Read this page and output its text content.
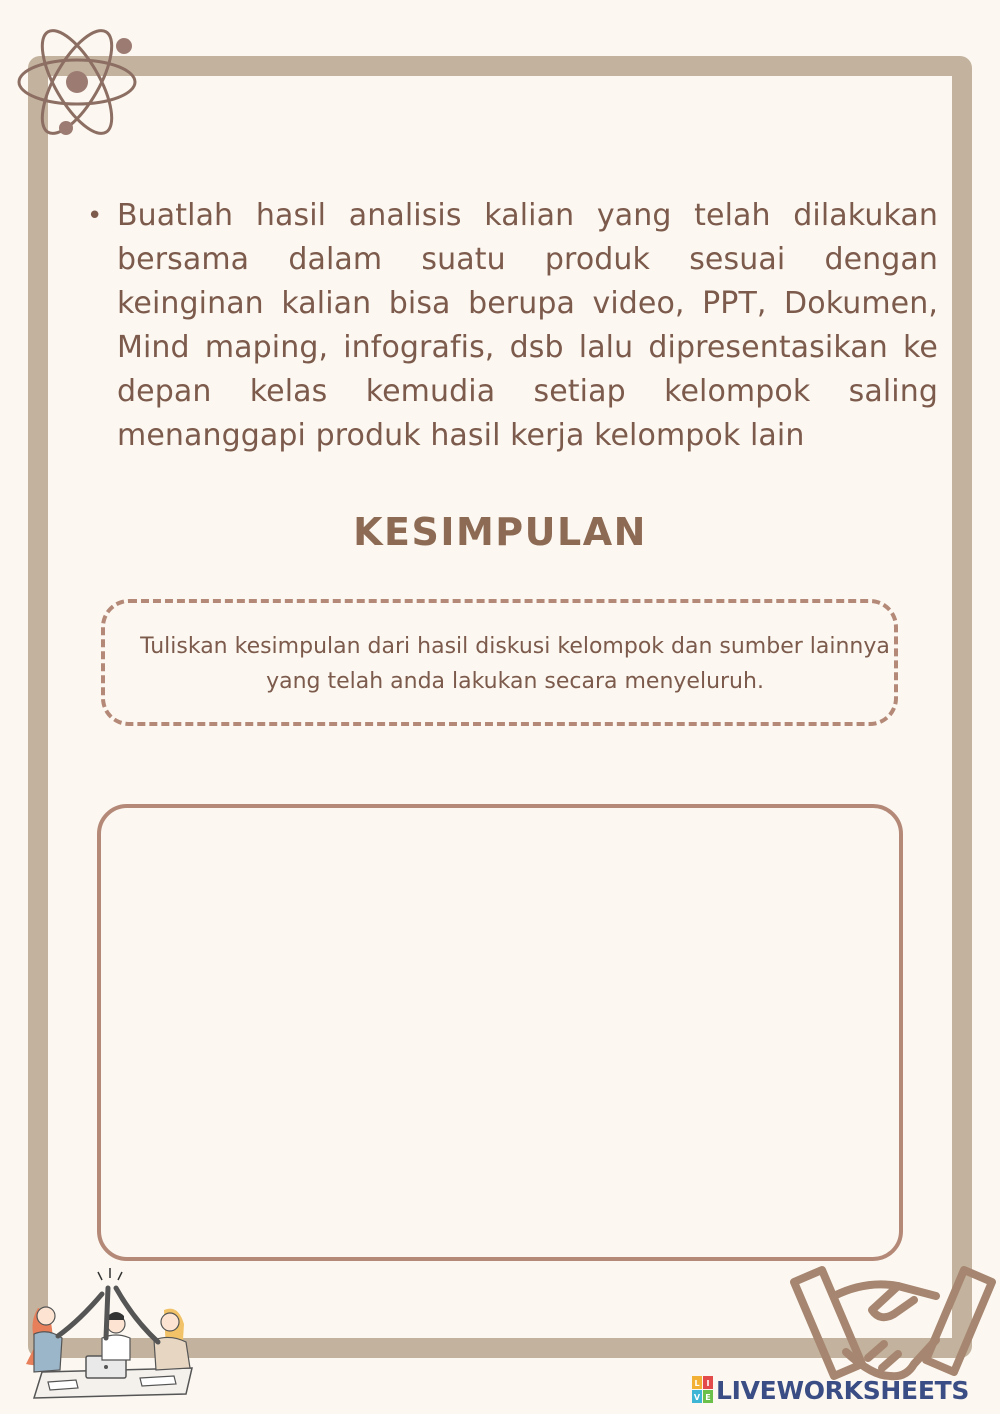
• Buatlah hasil analisis kalian yang telah dilakukan bersama dalam suatu produk sesuai dengan keinginan kalian bisa berupa video, PPT, Dokumen, Mind maping, infografis, dsb lalu dipresentasikan ke depan kelas kemudia setiap kelompok saling menanggapi produk hasil kerja kelompok lain
KESIMPULAN

Tuliskan kesimpulan dari hasil diskusi kelompok dan sumber lainnya yang telah anda lakukan secara menyeluruh.

L I
V E LIVEWORKSHEETS
